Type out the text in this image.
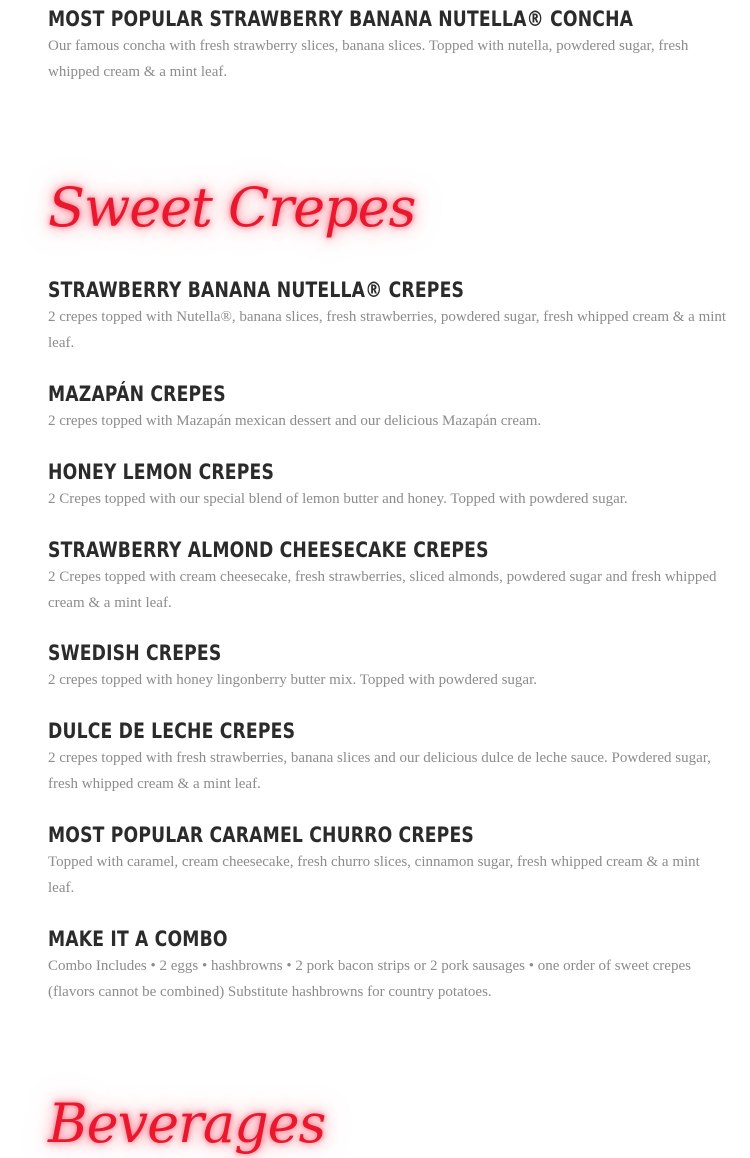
MOST POPULAR STRAWBERRY BANANA NUTELLA® CONCHA

Our famous concha with fresh strawberry slices, banana slices. Topped with nutella, powdered sugar, fresh whipped cream & a mint leaf.

Sweet Crepes
STRAWBERRY BANANA NUTELLA® CREPES

2 crepes topped with Nutella®, banana slices, fresh strawberries, powdered sugar, fresh whipped cream & a mint leaf.

MAZAPÁN CREPES

2 crepes topped with Mazapán mexican dessert and our delicious Mazapán cream.

HONEY LEMON CREPES

2 Crepes topped with our special blend of lemon butter and honey. Topped with powdered sugar.

STRAWBERRY ALMOND CHEESECAKE CREPES

2 Crepes topped with cream cheesecake, fresh strawberries, sliced almonds, powdered sugar and fresh whipped cream & a mint leaf.

SWEDISH CREPES

2 crepes topped with honey lingonberry butter mix. Topped with powdered sugar.

DULCE DE LECHE CREPES

2 crepes topped with fresh strawberries, banana slices and our delicious dulce de leche sauce. Powdered sugar, fresh whipped cream & a mint leaf.

MOST POPULAR CARAMEL CHURRO CREPES

Topped with caramel, cream cheesecake, fresh churro slices, cinnamon sugar, fresh whipped cream & a mint leaf.

MAKE IT A COMBO

Combo Includes • 2 eggs • hashbrowns • 2 pork bacon strips or 2 pork sausages • one order of sweet crepes (flavors cannot be combined) Substitute hashbrowns for country potatoes.

Beverages
